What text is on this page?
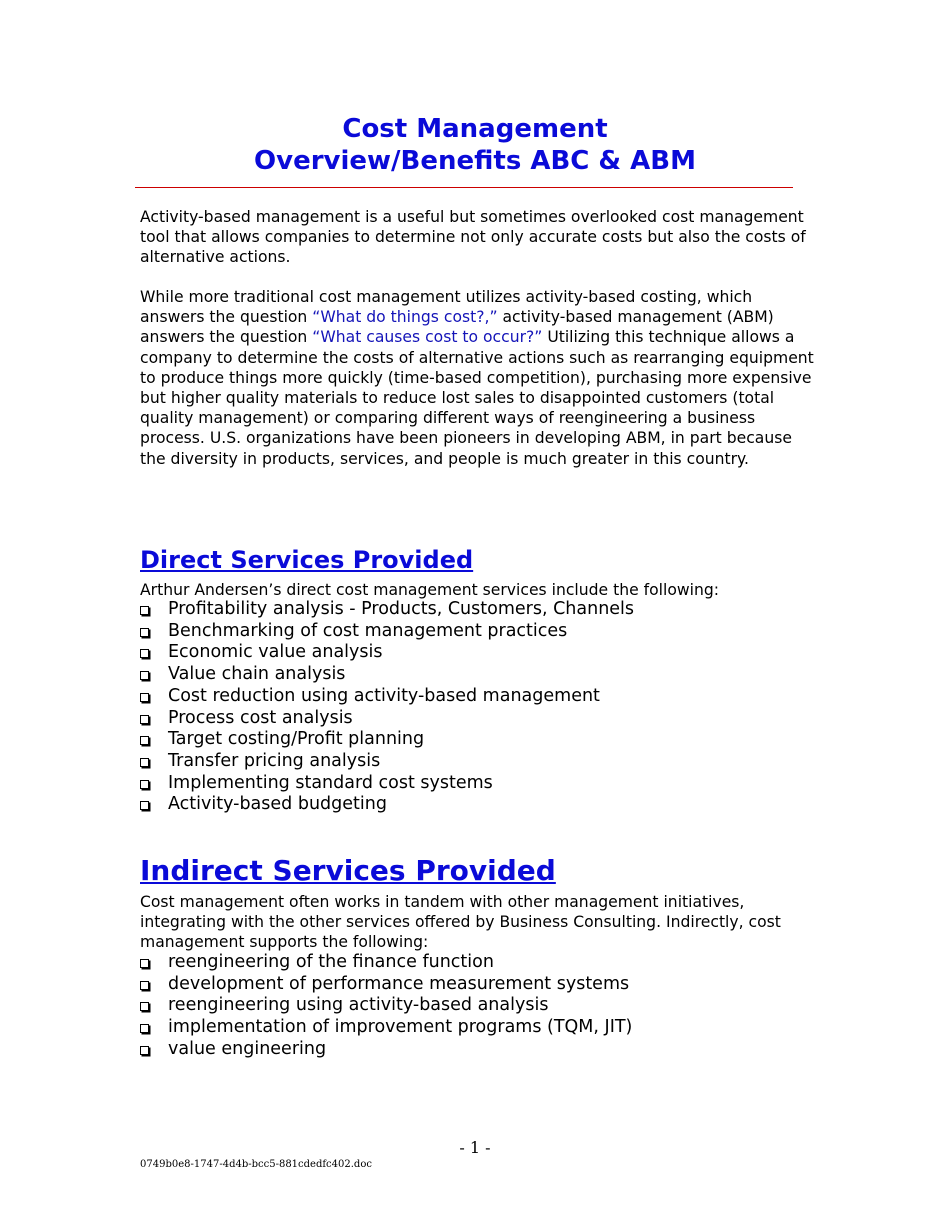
Cost Management
Overview/Benefits ABC & ABM

Activity-based management is a useful but sometimes overlooked cost management tool that allows companies to determine not only accurate costs but also the costs of alternative actions.

While more traditional cost management utilizes activity-based costing, which answers the question “What do things cost?,” activity-based management (ABM) answers the question “What causes cost to occur?” Utilizing this technique allows a company to determine the costs of alternative actions such as rearranging equipment to produce things more quickly (time-based competition), purchasing more expensive but higher quality materials to reduce lost sales to disappointed customers (total quality management) or comparing different ways of reengineering a business process. U.S. organizations have been pioneers in developing ABM, in part because the diversity in products, services, and people is much greater in this country.

Direct Services Provided

Arthur Andersen’s direct cost management services include the following:

Profitability analysis - Products, Customers, Channels
Benchmarking of cost management practices
Economic value analysis
Value chain analysis
Cost reduction using activity-based management
Process cost analysis
Target costing/Profit planning
Transfer pricing analysis
Implementing standard cost systems
Activity-based budgeting
Indirect Services Provided

Cost management often works in tandem with other management initiatives, integrating with the other services offered by Business Consulting. Indirectly, cost management supports the following:

reengineering of the finance function
development of performance measurement systems
reengineering using activity-based analysis
implementation of improvement programs (TQM, JIT)
value engineering
- 1 -
0749b0e8-1747-4d4b-bcc5-881cdedfc402.doc
